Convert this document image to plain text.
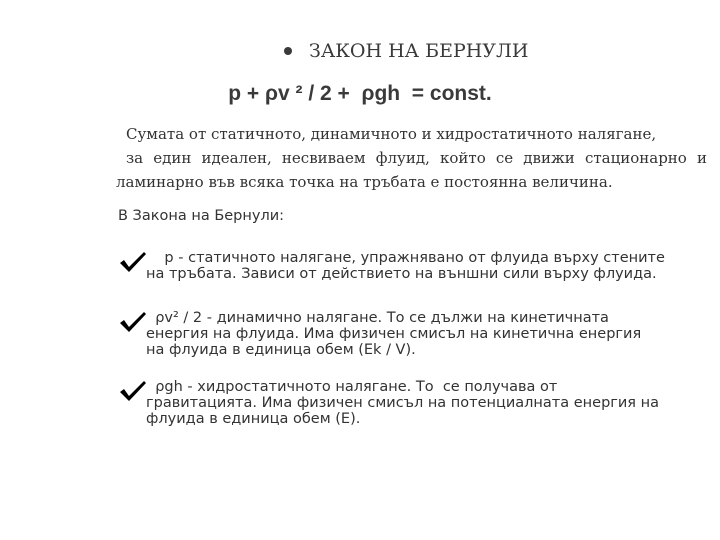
ЗАКОН НА БЕРНУЛИ
p + ρv ² / 2 +  ρgh  = const.
Сумата от статичното, динамичното и хидростатичното налягане,
за един идеален, несвиваем флуид, който се движи стационарно и
ламинарно във всяка точка на тръбата е постоянна величина.
В Закона на Бернули:
p - статичното налягане, упражнявано от флуида върху стените
на тръбата. Зависи от действието на външни сили върху флуида.
ρv² / 2 - динамично налягане. То се дължи на кинетичната
енергия на флуида. Има физичен смисъл на кинетична енергия
на флуида в единица обем (Ek / V).
ρgh - хидростатичното налягане. То  се получава от
гравитацията. Има физичен смисъл на потенциалната енергия на
флуида в единица обем (E).
